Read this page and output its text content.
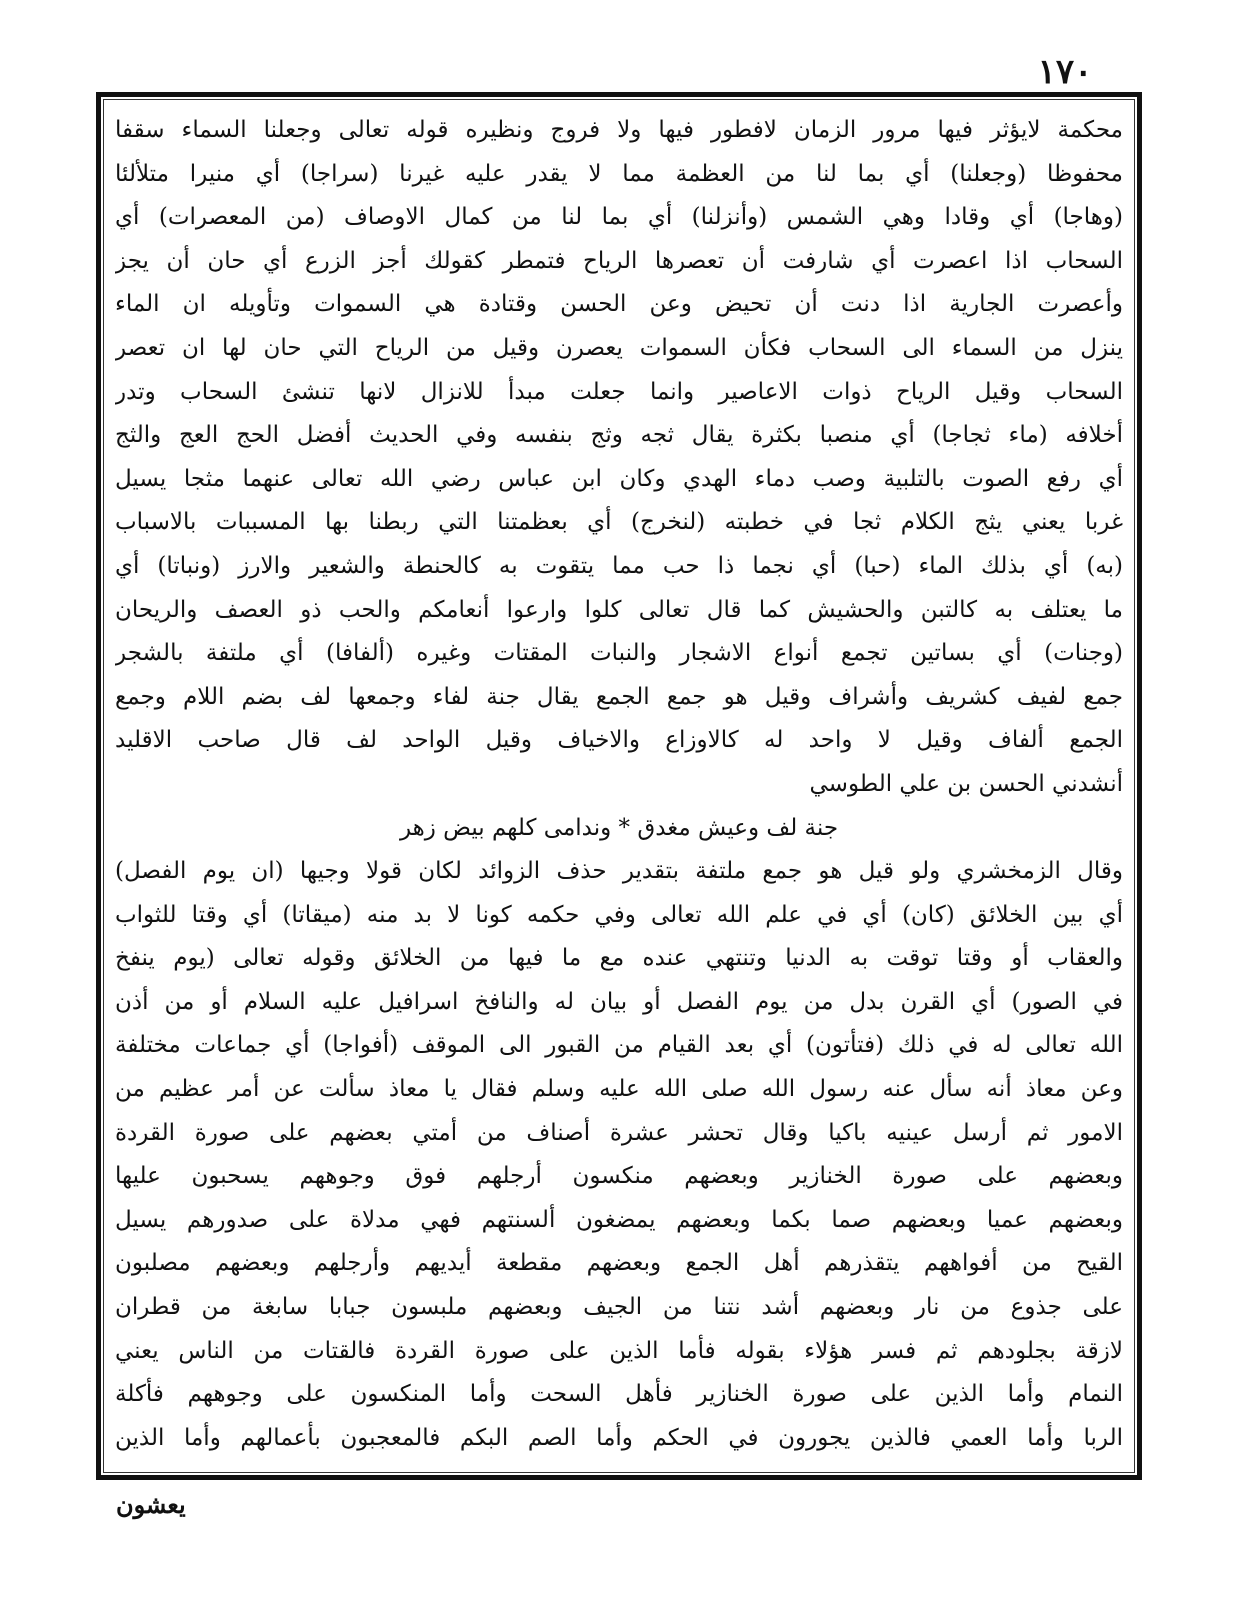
١٧٠
محكمة لايؤثر فيها مرور الزمان لافطور فيها ولا فروج ونظيره قوله تعالى وجعلنا السماء سقفا
محفوظا (وجعلنا) أي بما لنا من العظمة مما لا يقدر عليه غيرنا (سراجا) أي منيرا متلألئا
(وهاجا) أي وقادا وهي الشمس (وأنزلنا) أي بما لنا من كمال الاوصاف (من المعصرات) أي
السحاب اذا اعصرت أي شارفت أن تعصرها الرياح فتمطر كقولك أجز الزرع أي حان أن يجز
وأعصرت الجارية اذا دنت أن تحيض وعن الحسن وقتادة هي السموات وتأويله ان الماء
ينزل من السماء الى السحاب فكأن السموات يعصرن وقيل من الرياح التي حان لها ان تعصر
السحاب وقيل الرياح ذوات الاعاصير وانما جعلت مبدأ للانزال لانها تنشئ السحاب وتدر
أخلافه (ماء ثجاجا) أي منصبا بكثرة يقال ثجه وثج بنفسه وفي الحديث أفضل الحج العج والثج
أي رفع الصوت بالتلبية وصب دماء الهدي وكان ابن عباس رضي الله تعالى عنهما مثجا يسيل
غربا يعني يثج الكلام ثجا في خطبته (لنخرج) أي بعظمتنا التي ربطنا بها المسببات بالاسباب
(به) أي بذلك الماء (حبا) أي نجما ذا حب مما يتقوت به كالحنطة والشعير والارز (ونباتا) أي
ما يعتلف به كالتبن والحشيش كما قال تعالى كلوا وارعوا أنعامكم والحب ذو العصف والريحان
(وجنات) أي بساتين تجمع أنواع الاشجار والنبات المقتات وغيره (ألفافا) أي ملتفة بالشجر
جمع لفيف كشريف وأشراف وقيل هو جمع الجمع يقال جنة لفاء وجمعها لف بضم اللام وجمع
الجمع ألفاف وقيل لا واحد له كالاوزاع والاخياف وقيل الواحد لف قال صاحب الاقليد
أنشدني الحسن بن علي الطوسي
جنة لف وعيش مغدق * وندامى كلهم بيض زهر
وقال الزمخشري ولو قيل هو جمع ملتفة بتقدير حذف الزوائد لكان قولا وجيها (ان يوم الفصل)
أي بين الخلائق (كان) أي في علم الله تعالى وفي حكمه كونا لا بد منه (ميقاتا) أي وقتا للثواب
والعقاب أو وقتا توقت به الدنيا وتنتهي عنده مع ما فيها من الخلائق وقوله تعالى (يوم ينفخ
في الصور) أي القرن بدل من يوم الفصل أو بيان له والنافخ اسرافيل عليه السلام أو من أذن
الله تعالى له في ذلك (فتأتون) أي بعد القيام من القبور الى الموقف (أفواجا) أي جماعات مختلفة
وعن معاذ أنه سأل عنه رسول الله صلى الله عليه وسلم فقال يا معاذ سألت عن أمر عظيم من
الامور ثم أرسل عينيه باكيا وقال تحشر عشرة أصناف من أمتي بعضهم على صورة القردة
وبعضهم على صورة الخنازير وبعضهم منكسون أرجلهم فوق وجوههم يسحبون عليها
وبعضهم عميا وبعضهم صما بكما وبعضهم يمضغون ألسنتهم فهي مدلاة على صدورهم يسيل
القيح من أفواههم يتقذرهم أهل الجمع وبعضهم مقطعة أيديهم وأرجلهم وبعضهم مصلبون
على جذوع من نار وبعضهم أشد نتنا من الجيف وبعضهم ملبسون جبابا سابغة من قطران
لازقة بجلودهم ثم فسر هؤلاء بقوله فأما الذين على صورة القردة فالقتات من الناس يعني
النمام وأما الذين على صورة الخنازير فأهل السحت وأما المنكسون على وجوههم فأكلة
الربا وأما العمي فالذين يجورون في الحكم وأما الصم البكم فالمعجبون بأعمالهم وأما الذين
يعشون
